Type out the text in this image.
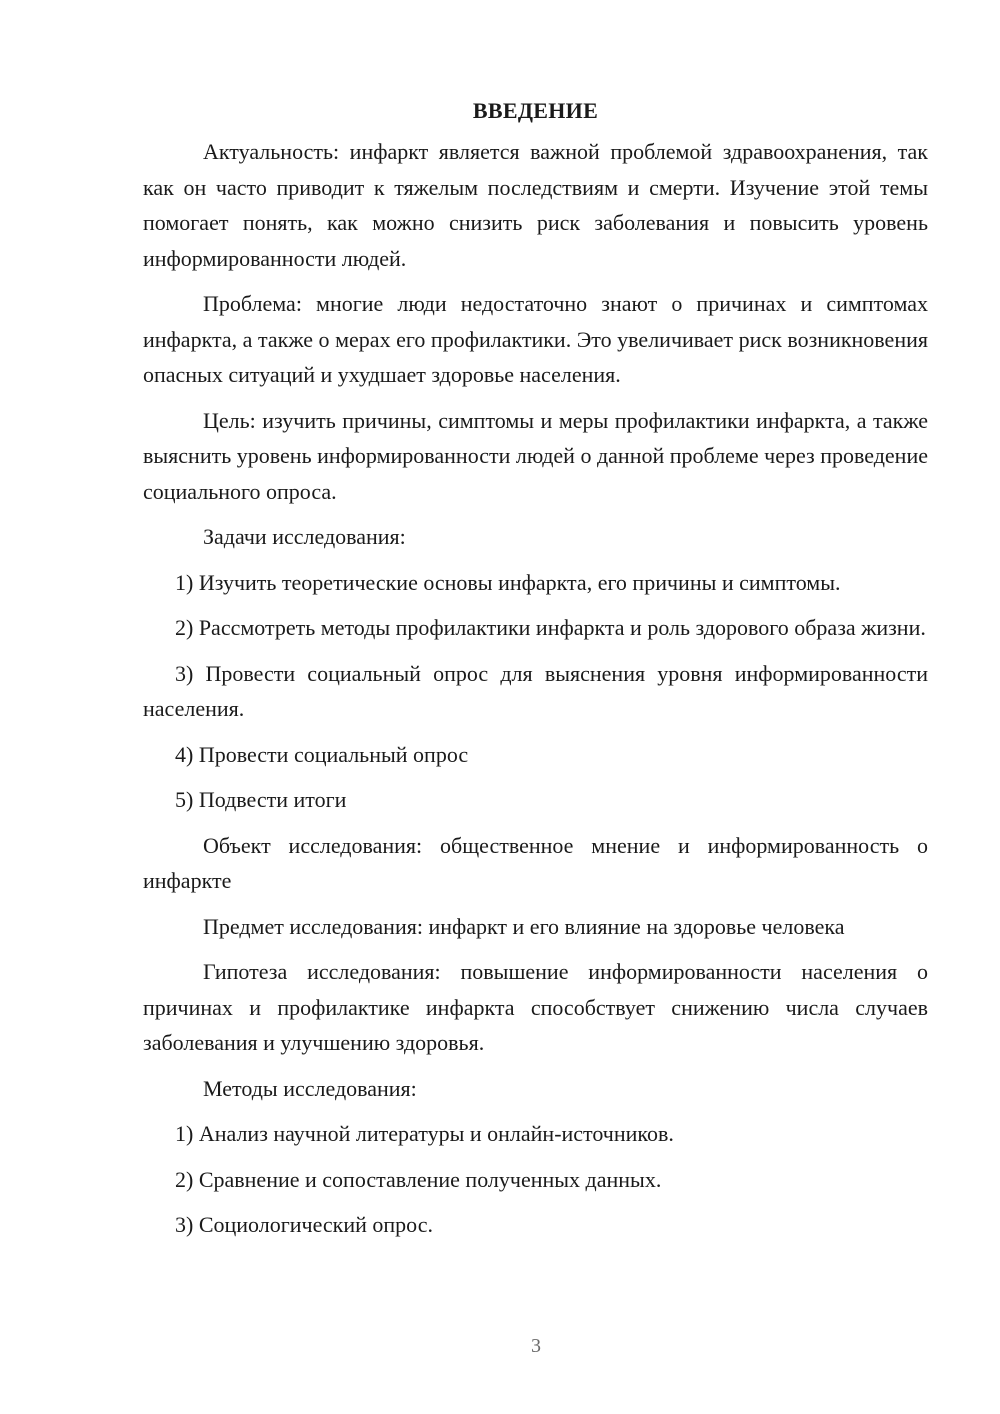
ВВЕДЕНИЕ

Актуальность: инфаркт является важной проблемой здравоохранения, так как он часто приводит к тяжелым последствиям и смерти. Изучение этой темы помогает понять, как можно снизить риск заболевания и повысить уровень информированности людей.

Проблема: многие люди недостаточно знают о причинах и симптомах инфаркта, а также о мерах его профилактики. Это увеличивает риск возникновения опасных ситуаций и ухудшает здоровье населения.

Цель: изучить причины, симптомы и меры профилактики инфаркта, а также выяснить уровень информированности людей о данной проблеме через проведение социального опроса.

Задачи исследования:

1) Изучить теоретические основы инфаркта, его причины и симптомы.

2) Рассмотреть методы профилактики инфаркта и роль здорового образа жизни.

3) Провести социальный опрос для выяснения уровня информированности населения.

4) Провести социальный опрос

5) Подвести итоги

Объект исследования: общественное мнение и информированность о инфаркте

Предмет исследования: инфаркт и его влияние на здоровье человека

Гипотеза исследования: повышение информированности населения о причинах и профилактике инфаркта способствует снижению числа случаев заболевания и улучшению здоровья.

Методы исследования:

1) Анализ научной литературы и онлайн-источников.

2) Сравнение и сопоставление полученных данных.

3) Социологический опрос.

3
